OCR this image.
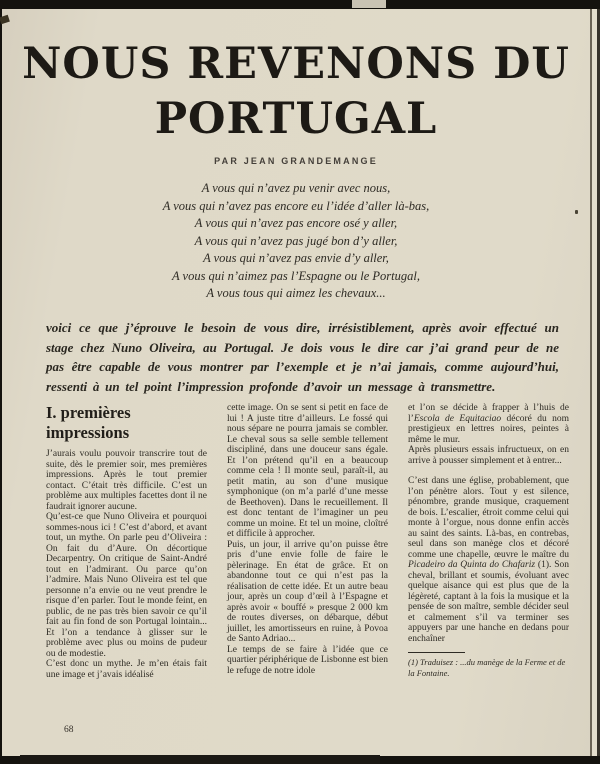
NOUS REVENONS DU
PORTUGAL
PAR JEAN GRANDEMANGE
A vous qui n’avez pu venir avec nous,
A vous qui n’avez pas encore eu l’idée d’aller là-bas,
A vous qui n’avez pas encore osé y aller,
A vous qui n’avez pas jugé bon d’y aller,
A vous qui n’avez pas envie d’y aller,
A vous qui n’aimez pas l’Espagne ou le Portugal,
A vous tous qui aimez les chevaux...

voici ce que j’éprouve le besoin de vous dire, irrésistiblement, après avoir effectué un stage chez Nuno Oliveira, au Portugal. Je dois vous le dire car j’ai grand peur de ne pas être capable de vous montrer par l’exemple et je n’ai jamais, comme aujourd’hui, ressenti à un tel point l’impression profonde d’avoir un message à transmettre.

I. premières
impressions

J’aurais voulu pouvoir transcrire tout de suite, dès le premier soir, mes premières impressions. Après le tout premier contact. C’était très difficile. C’est un problème aux multiples facettes dont il ne faudrait ignorer aucune.

Qu’est-ce que Nuno Oliveira et pourquoi sommes-nous ici ! C’est d’abord, et avant tout, un mythe. On parle peu d’Oliveira : On fait du d’Aure. On décortique Decarpentry. On critique de Saint-André tout en l’admirant. Ou parce qu’on l’admire. Mais Nuno Oliveira est tel que personne n’a envie ou ne veut prendre le risque d’en parler. Tout le monde feint, en public, de ne pas très bien savoir ce qu’il fait au fin fond de son Portugal lointain... Et l’on a tendance à glisser sur le problème avec plus ou moins de pudeur ou de modestie.

C’est donc un mythe. Je m’en étais fait une image et j’avais idéalisé

cette image. On se sent si petit en face de lui ! A juste titre d’ailleurs. Le fossé qui nous sépare ne pourra jamais se combler. Le cheval sous sa selle semble tellement discipliné, dans une douceur sans égale. Et l’on prétend qu’il en a beaucoup comme cela ! Il monte seul, paraît-il, au petit matin, au son d’une musique symphonique (on m’a parlé d’une messe de Beethoven). Dans le recueillement. Il est donc tentant de l’imaginer un peu comme un moine. Et tel un moine, cloîtré et difficile à approcher.

Puis, un jour, il arrive qu’on puisse être pris d’une envie folle de faire le pèlerinage. En état de grâce. Et on abandonne tout ce qui n’est pas la réalisation de cette idée. Et un autre beau jour, après un coup d’œil à l’Espagne et après avoir « bouffé » presque 2 000 km de routes diverses, on débarque, début juillet, les amortisseurs en ruine, à Povoa de Santo Adriao...

Le temps de se faire à l’idée que ce quartier périphérique de Lisbonne est bien le refuge de notre idole

et l’on se décide à frapper à l’huis de l’Escola de Equitaciao décoré du nom prestigieux en lettres noires, peintes à même le mur.

Après plusieurs essais infructueux, on en arrive à pousser simplement et à entrer...

C’est dans une église, probablement, que l’on pénètre alors. Tout y est silence, pénombre, grande musique, craquement de bois. L’escalier, étroit comme celui qui monte à l’orgue, nous donne enfin accès au saint des saints. Là-bas, en contrebas, seul dans son manège clos et décoré comme une chapelle, œuvre le maître du Picadeiro da Quinta do Chafariz (1). Son cheval, brillant et soumis, évoluant avec quelque aisance qui est plus que de la légèreté, captant à la fois la musique et la pensée de son maître, semble décider seul et calmement s’il va terminer ses appuyers par une hanche en dedans pour enchaîner

(1) Traduisez : ...du manège de la Ferme et de la Fontaine.
68
